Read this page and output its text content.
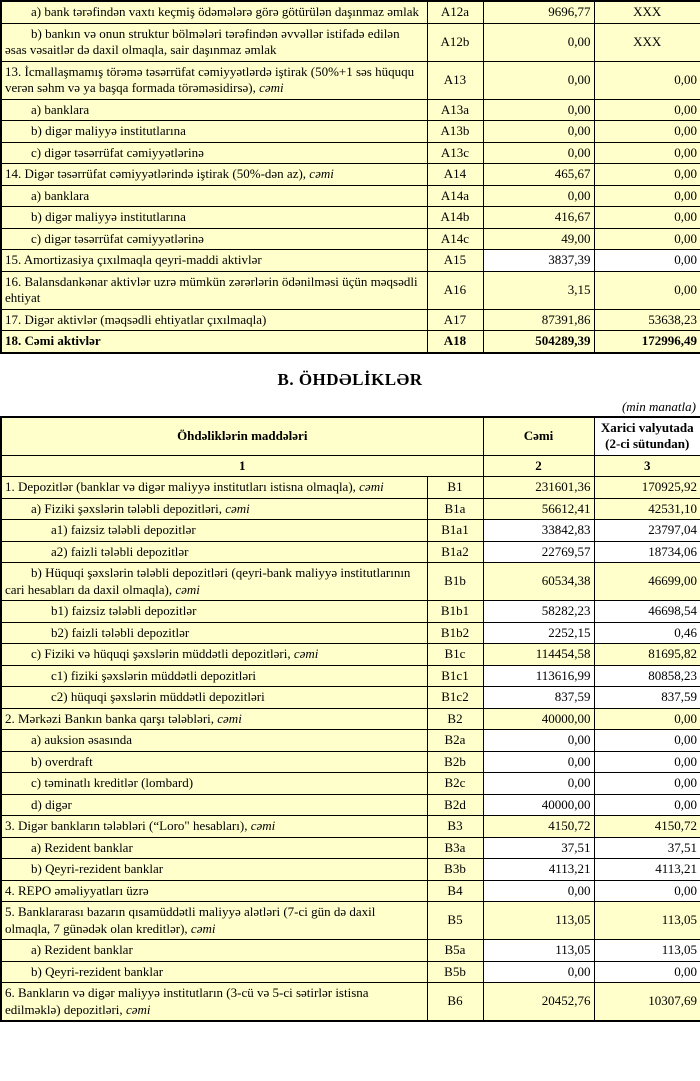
a) bank tərəfindən vaxtı keçmiş ödəmələrə görə götürülən daşınmaz əmlak	A12a	9696,77	XXX
b) bankın və onun struktur bölmələri tərəfindən əvvəllər istifadə edilən əsas vəsaitlər də daxil olmaqla, sair daşınmaz əmlak	A12b	0,00	XXX
13. İcmallaşmamış törəmə təsərrüfat cəmiyyətlərdə iştirak (50%+1 səs hüququ verən səhm və ya başqa formada törəməsidirsə), cəmi	A13	0,00	0,00
a) banklara	A13a	0,00	0,00
b) digər maliyyə institutlarına	A13b	0,00	0,00
c) digər təsərrüfat cəmiyyətlərinə	A13c	0,00	0,00
14. Digər təsərrüfat cəmiyyətlərində iştirak (50%-dən az), cəmi	A14	465,67	0,00
a) banklara	A14a	0,00	0,00
b) digər maliyyə institutlarına	A14b	416,67	0,00
c) digər təsərrüfat cəmiyyətlərinə	A14c	49,00	0,00
15. Amortizasiya çıxılmaqla qeyri-maddi aktivlər	A15	3837,39	0,00
16. Balansdankənar aktivlər uzrə mümkün zərərlərin ödənilməsi üçün məqsədli ehtiyat	A16	3,15	0,00
17. Digər aktivlər (məqsədli ehtiyatlar çıxılmaqla)	A17	87391,86	53638,23
18. Cəmi aktivlər	A18	504289,39	172996,49
B. ÖHDƏLİKLƏR
(min manatla)
Öhdəliklərin maddələri		Cəmi	Xarici valyutada (2-ci sütundan)
1		2	3
1. Depozitlər (banklar və digər maliyyə institutları istisna olmaqla), cəmi	B1	231601,36	170925,92
a) Fiziki şəxslərin tələbli depozitləri, cəmi	B1a	56612,41	42531,10
a1) faizsiz tələbli depozitlər	B1a1	33842,83	23797,04
a2) faizli tələbli depozitlər	B1a2	22769,57	18734,06
b) Hüquqi şəxslərin tələbli depozitləri (qeyri-bank maliyyə institutlarının cari hesabları da daxil olmaqla), cəmi	B1b	60534,38	46699,00
b1) faizsiz tələbli depozitlər	B1b1	58282,23	46698,54
b2) faizli tələbli depozitlər	B1b2	2252,15	0,46
c) Fiziki və hüquqi şəxslərin müddətli depozitləri, cəmi	B1c	114454,58	81695,82
c1) fiziki şəxslərin müddətli depozitləri	B1c1	113616,99	80858,23
c2) hüquqi şəxslərin müddətli depozitləri	B1c2	837,59	837,59
2. Mərkəzi Bankın banka qarşı tələbləri, cəmi	B2	40000,00	0,00
a) auksion əsasında	B2a	0,00	0,00
b) overdraft	B2b	0,00	0,00
c) təminatlı kreditlər (lombard)	B2c	0,00	0,00
d) digər	B2d	40000,00	0,00
3. Digər bankların tələbləri (“Loro" hesabları), cəmi	B3	4150,72	4150,72
a) Rezident banklar	B3a	37,51	37,51
b) Qeyri-rezident banklar	B3b	4113,21	4113,21
4. REPO əməliyyatları üzrə	B4	0,00	0,00
5. Banklararası bazarın qısamüddətli maliyyə alətləri (7-ci gün də daxil olmaqla, 7 günədək olan kreditlər), cəmi	B5	113,05	113,05
a) Rezident banklar	B5a	113,05	113,05
b) Qeyri-rezident banklar	B5b	0,00	0,00
6. Bankların və digər maliyyə institutların (3-cü və 5-ci sətirlər istisna edilməklə) depozitləri, cəmi	B6	20452,76	10307,69
